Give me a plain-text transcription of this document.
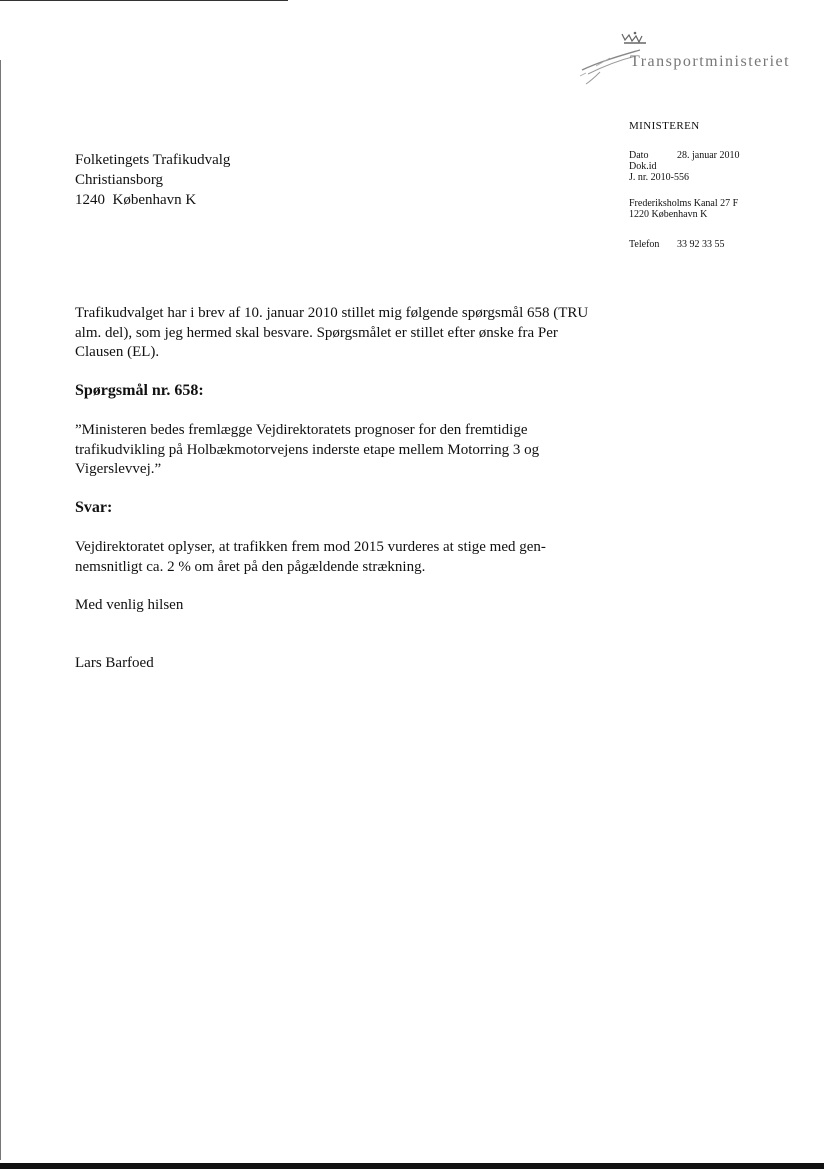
Transportministeriet
MINISTEREN
Dato	28. januar 2010
Dok.id
J. nr. 2010-556
Frederiksholms Kanal 27 F
1220 København K
Telefon 33 92 33 55
Folketingets Trafikudvalg
Christiansborg
1240  København K
Trafikudvalget har i brev af 10. januar 2010 stillet mig følgende spørgsmål 658 (TRU alm. del), som jeg hermed skal besvare. Spørgsmålet er stillet efter ønske fra Per Clausen (EL).
Spørgsmål nr. 658:
”Ministeren bedes fremlægge Vejdirektoratets prognoser for den fremtidige trafikudvikling på Holbækmotorvejens inderste etape mellem Motorring 3 og Vigerslevvej.”
Svar:
Vejdirektoratet oplyser, at trafikken frem mod 2015 vurderes at stige med gen-nemsnitligt ca. 2 % om året på den pågældende strækning.
Med venlig hilsen
Lars Barfoed
